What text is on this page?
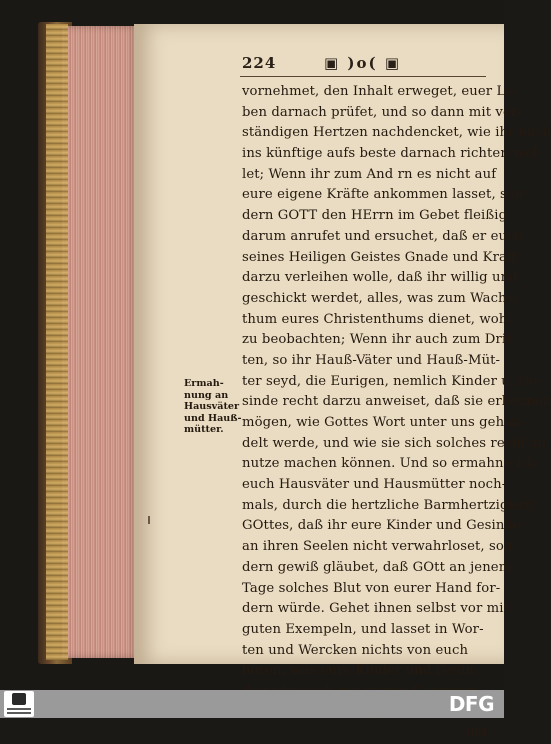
224	▣ )o( ▣
vornehmet, den Inhalt erweget, euer Le-
ben darnach prüfet, und so dann mit ver-
ständigen Hertzen nachdencket, wie ihr euch
ins künftige aufs beste darnach richten wol-
let; Wenn ihr zum And rn es nicht auf
eure eigene Kräfte ankommen lasset, son-
dern GOTT den HErrn im Gebet fleißig
darum anrufet und ersuchet, daß er euch
seines Heiligen Geistes Gnade und Kraft
darzu verleihen wolle, daß ihr willig und
geschickt werdet, alles, was zum Wachs-
thum eures Christenthums dienet, wohl
zu beobachten; Wenn ihr auch zum Drit-
ten, so ihr Hauß-Väter und Hauß-Müt-
ter seyd, die Eurigen, nemlich Kinder u. Ge-
sinde recht darzu anweiset, daß sie erkennen
mögen, wie Gottes Wort unter uns gehan-
delt werde, und wie sie sich solches recht zu
nutze machen können. Und so ermahne ich
euch Hausväter und Hausmütter noch-
mals, durch die hertzliche Barmhertzigkeit
GOttes, daß ihr eure Kinder und Gesinde
an ihren Seelen nicht verwahrloset, son-
dern gewiß gläubet, daß GOtt an jenem
Tage solches Blut von eurer Hand for-
dern würde. Gehet ihnen selbst vor mit
guten Exempeln, und lasset in Wor-
ten und Wercken nichts von euch
hören, was eure Kinder und Gesin-
det
Ermah-
nung an
Hausväter
und Hauß-
mütter.
DFG
